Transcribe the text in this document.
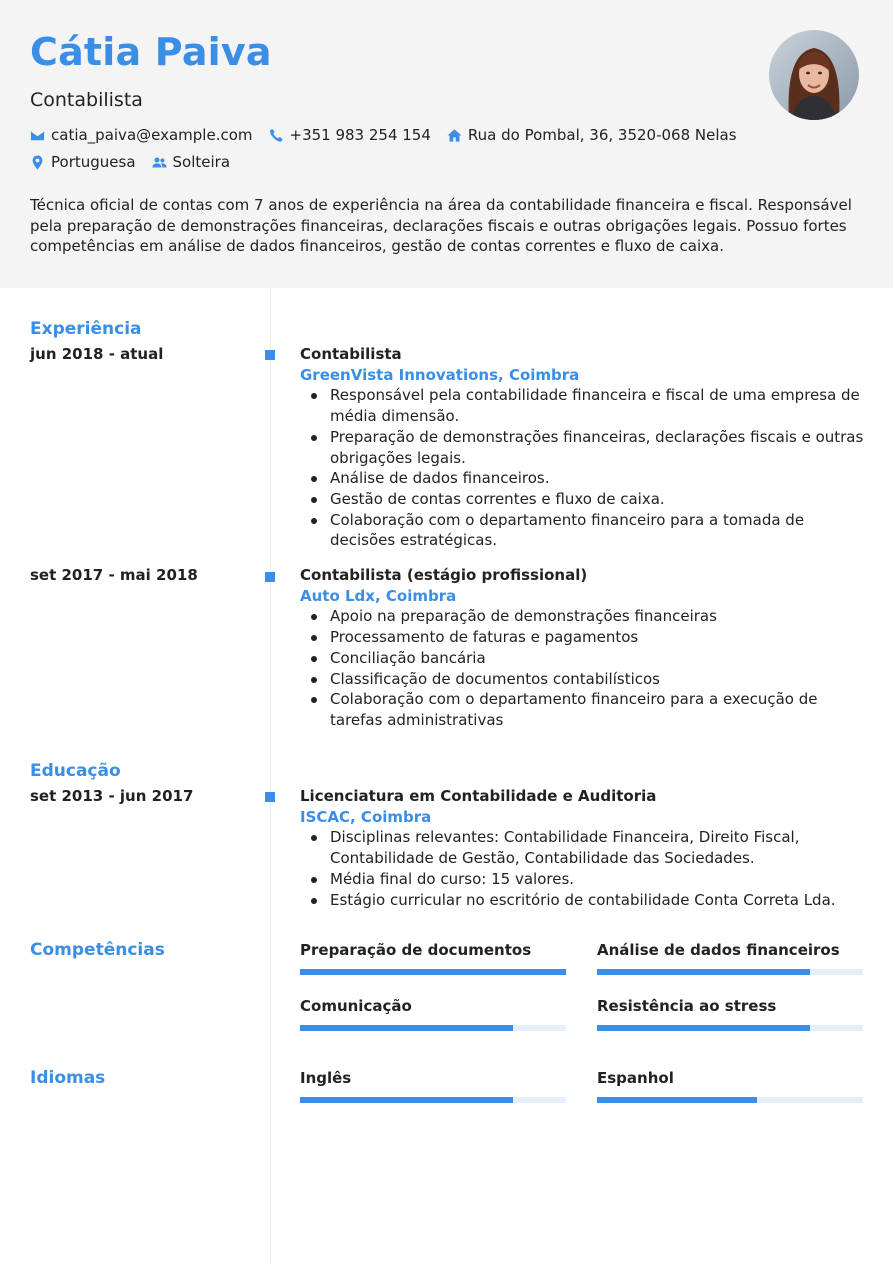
Cátia Paiva
Contabilista
catia_paiva@example.com +351 983 254 154 Rua do Pombal, 36, 3520-068 Nelas
Portuguesa Solteira
Técnica oficial de contas com 7 anos de experiência na área da contabilidade financeira e fiscal. Responsável pela preparação de demonstrações financeiras, declarações fiscais e outras obrigações legais. Possuo fortes competências em análise de dados financeiros, gestão de contas correntes e fluxo de caixa.
Experiência
jun 2018 - atual	Contabilista
GreenVista Innovations, Coimbra
Responsável pela contabilidade financeira e fiscal de uma empresa de média dimensão.
Preparação de demonstrações financeiras, declarações fiscais e outras obrigações legais.
Análise de dados financeiros.
Gestão de contas correntes e fluxo de caixa.
Colaboração com o departamento financeiro para a tomada de decisões estratégicas.
set 2017 - mai 2018	Contabilista (estágio profissional)
Auto Ldx, Coimbra
Apoio na preparação de demonstrações financeiras
Processamento de faturas e pagamentos
Conciliação bancária
Classificação de documentos contabilísticos
Colaboração com o departamento financeiro para a execução de tarefas administrativas
Educação
set 2013 - jun 2017	Licenciatura em Contabilidade e Auditoria
ISCAC, Coimbra
Disciplinas relevantes: Contabilidade Financeira, Direito Fiscal, Contabilidade de Gestão, Contabilidade das Sociedades.
Média final do curso: 15 valores.
Estágio curricular no escritório de contabilidade Conta Correta Lda.
Competências	Preparação de documentos	Análise de dados financeiros
Comunicação	Resistência ao stress
Idiomas	Inglês	Espanhol
